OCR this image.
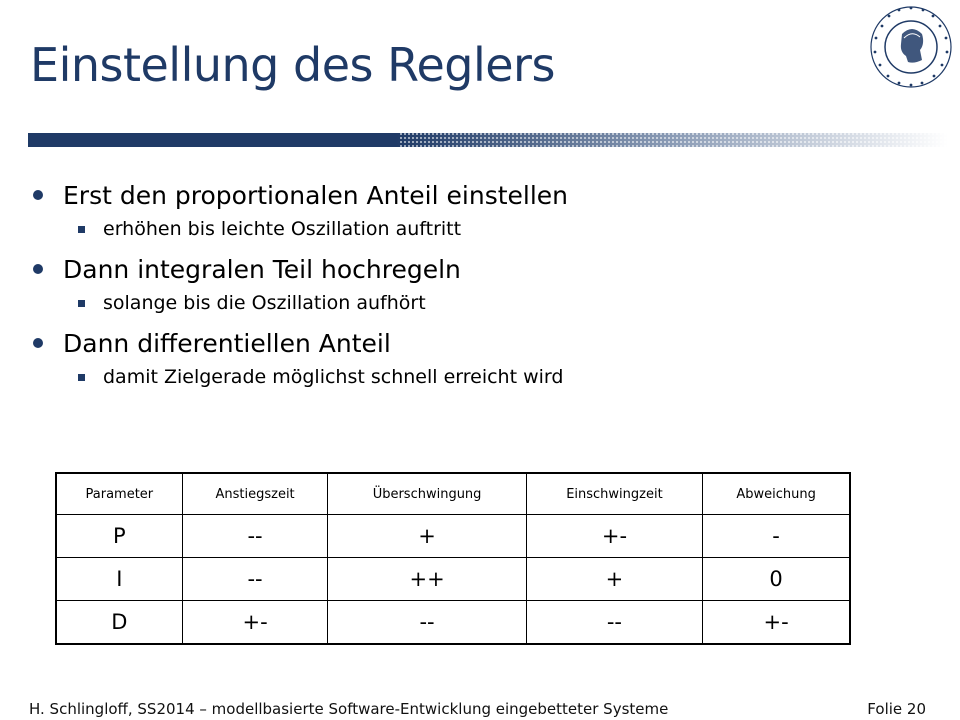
Einstellung des Reglers
Erst den proportionalen Anteil einstellen
erhöhen bis leichte Oszillation auftritt
Dann integralen Teil hochregeln
solange bis die Oszillation aufhört
Dann differentiellen Anteil
damit Zielgerade möglichst schnell erreicht wird
Parameter	Anstiegszeit	Überschwingung	Einschwingzeit	Abweichung
P	--	+	+-	-
I	--	++	+	0
D	+-	--	--	+-
H. Schlingloff, SS2014 – modellbasierte Software-Entwicklung eingebetteter Systeme	Folie 20
